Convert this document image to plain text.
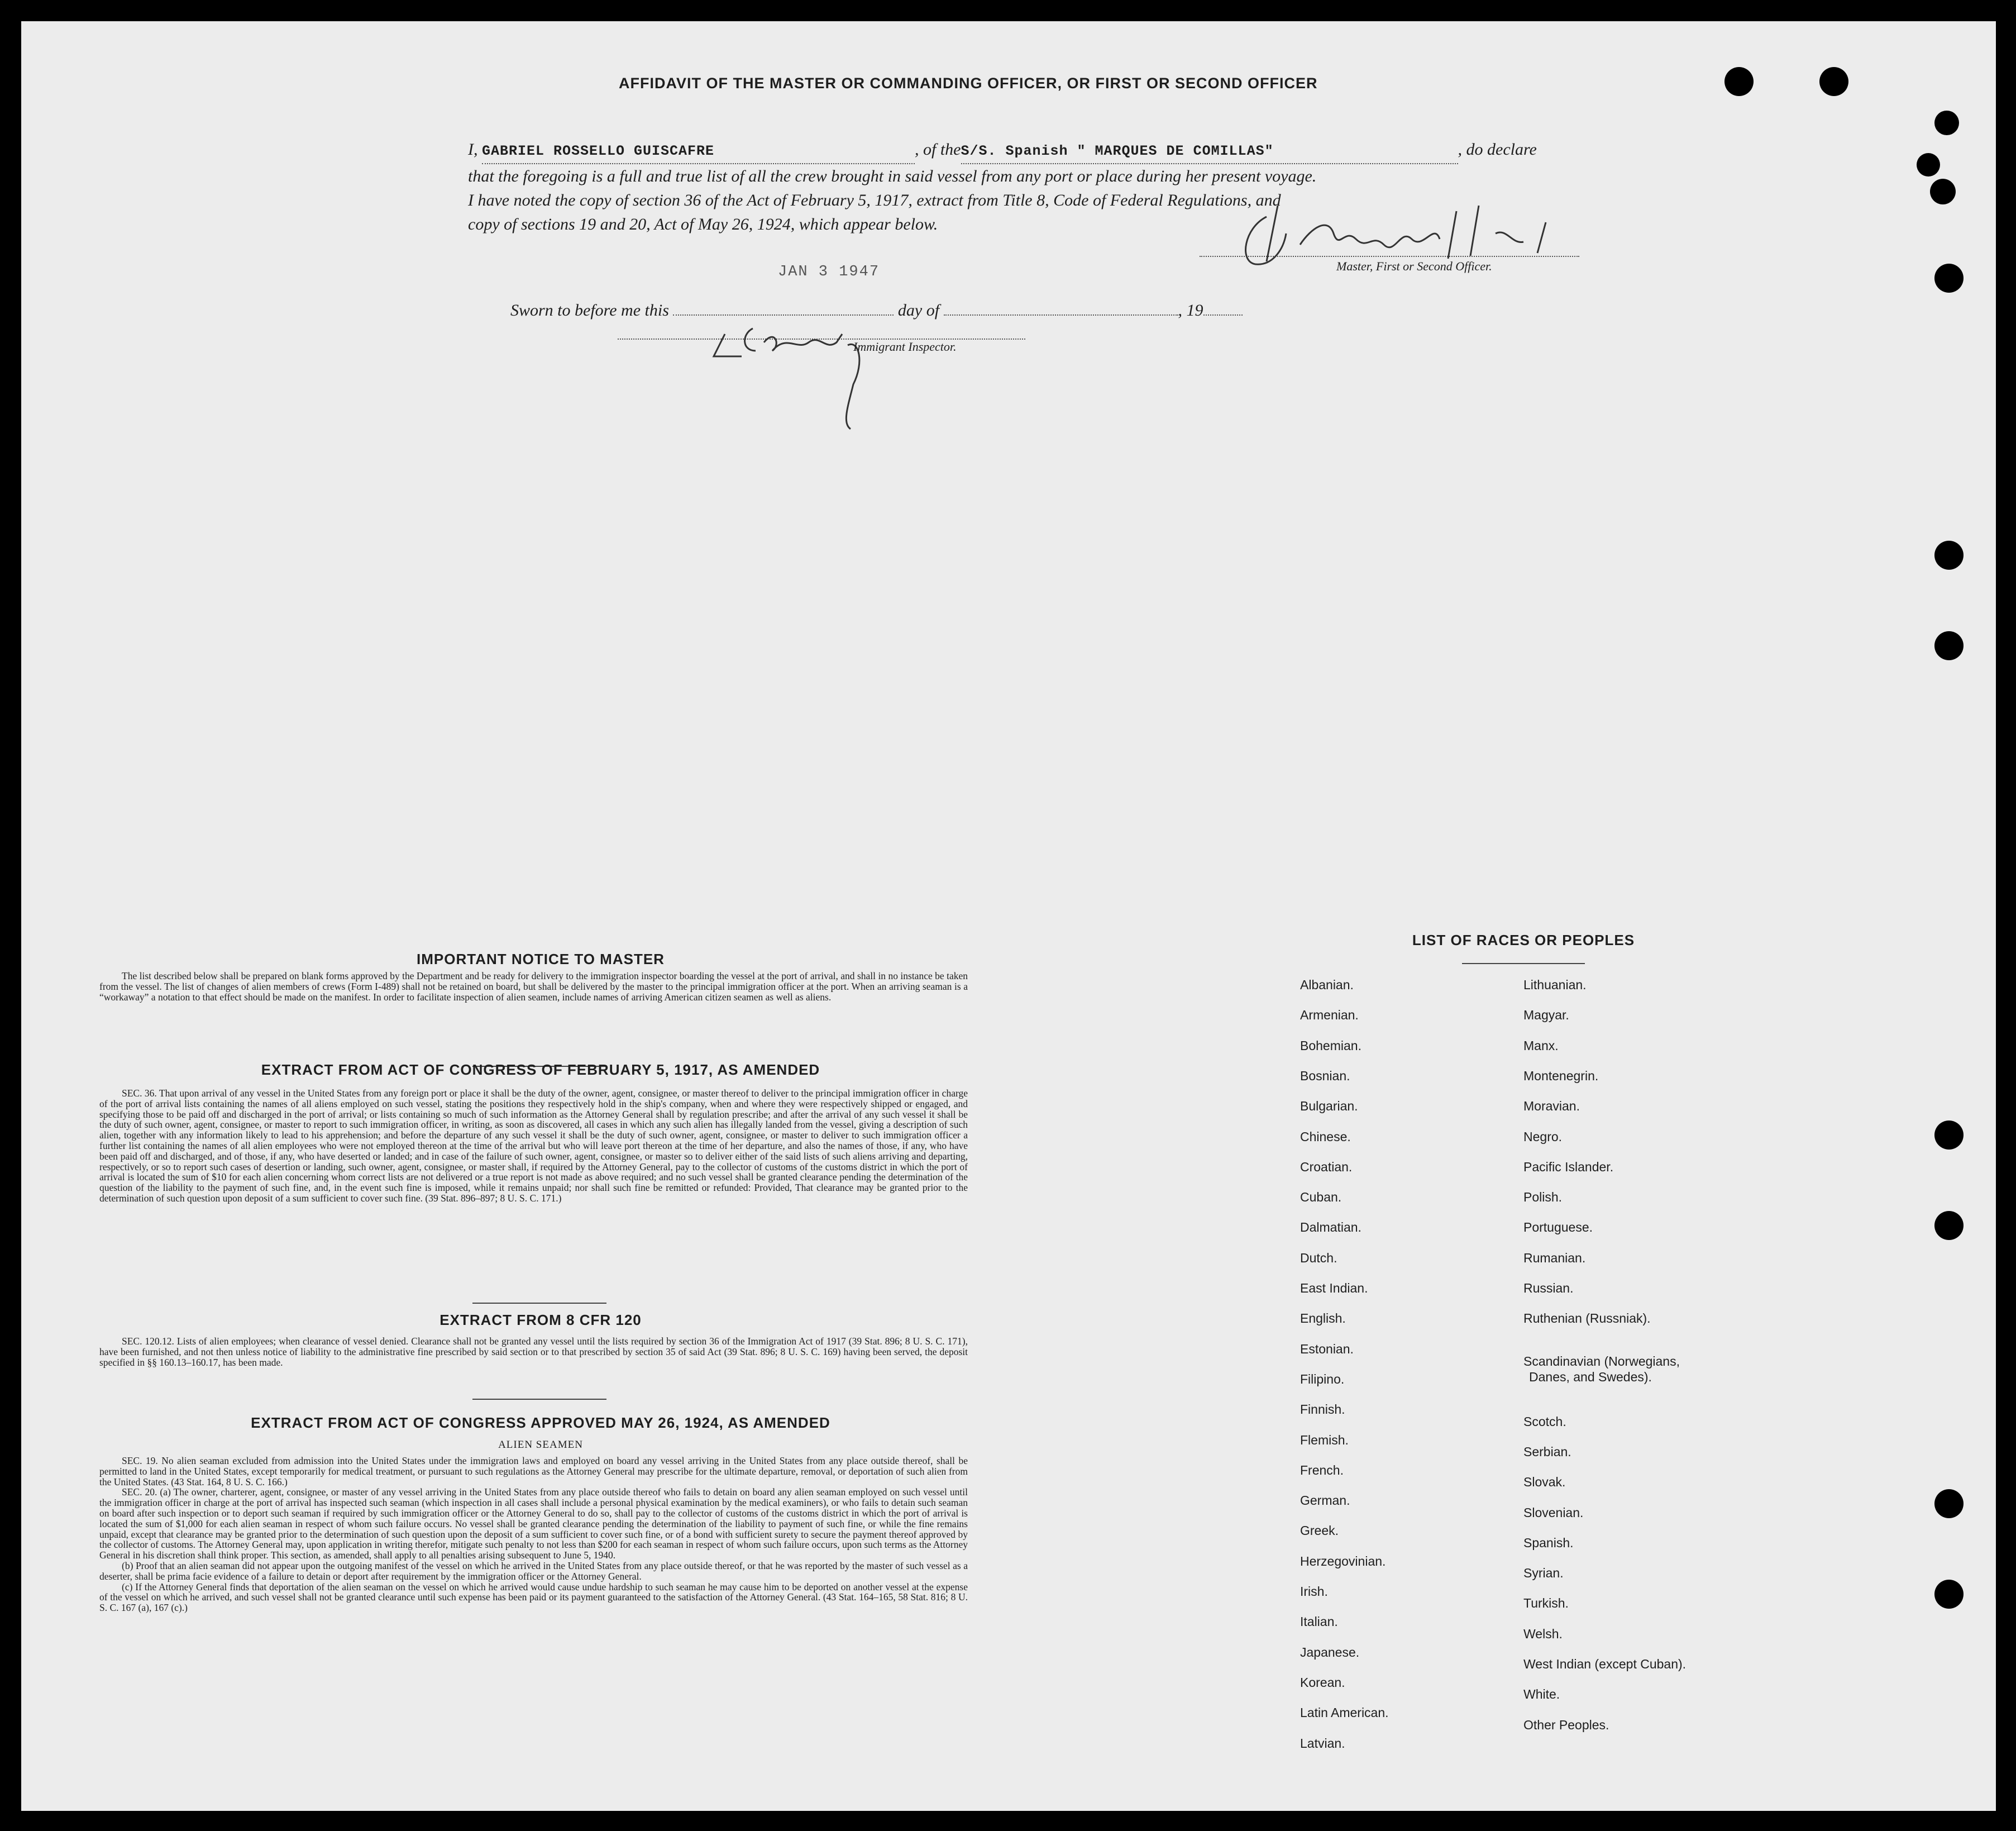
AFFIDAVIT OF THE MASTER OR COMMANDING OFFICER, OR FIRST OR SECOND OFFICER
I, GABRIEL ROSSELLO GUISCAFRE	, of theS/S. Spanish " MARQUES DE COMILLAS"	, do declare
that the foregoing is a full and true list of all the crew brought in said vessel from any port or place during her present voyage.
I have noted the copy of section 36 of the Act of February 5, 1917, extract from Title 8, Code of Federal Regulations, and
copy of sections 19 and 20, Act of May 26, 1924, which appear below.
Master, First or Second Officer.
Sworn to before me this	day of	, 19
JAN 3 1947
Immigrant Inspector.
IMPORTANT NOTICE TO MASTER

The list described below shall be prepared on blank forms approved by the Department and be ready for delivery to the immigration inspector boarding the vessel at the port of arrival, and shall in no instance be taken from the vessel. The list of changes of alien members of crews (Form I-489) shall not be retained on board, but shall be delivered by the master to the principal immigration officer at the port. When an arriving seaman is a “workaway” a notation to that effect should be made on the manifest. In order to facilitate inspection of alien seamen, include names of arriving American citizen seamen as well as aliens.

EXTRACT FROM ACT OF CONGRESS OF FEBRUARY 5, 1917, AS AMENDED

SEC. 36. That upon arrival of any vessel in the United States from any foreign port or place it shall be the duty of the owner, agent, consignee, or master thereof to deliver to the principal immigration officer in charge of the port of arrival lists containing the names of all aliens employed on such vessel, stating the positions they respectively hold in the ship's company, when and where they were respectively shipped or engaged, and specifying those to be paid off and discharged in the port of arrival; or lists containing so much of such information as the Attorney General shall by regulation prescribe; and after the arrival of any such vessel it shall be the duty of such owner, agent, consignee, or master to report to such immigration officer, in writing, as soon as discovered, all cases in which any such alien has illegally landed from the vessel, giving a description of such alien, together with any information likely to lead to his apprehension; and before the departure of any such vessel it shall be the duty of such owner, agent, consignee, or master to deliver to such immigration officer a further list containing the names of all alien employees who were not employed thereon at the time of the arrival but who will leave port thereon at the time of her departure, and also the names of those, if any, who have been paid off and discharged, and of those, if any, who have deserted or landed; and in case of the failure of such owner, agent, consignee, or master so to deliver either of the said lists of such aliens arriving and departing, respectively, or so to report such cases of desertion or landing, such owner, agent, consignee, or master shall, if required by the Attorney General, pay to the collector of customs of the customs district in which the port of arrival is located the sum of $10 for each alien concerning whom correct lists are not delivered or a true report is not made as above required; and no such vessel shall be granted clearance pending the determination of the question of the liability to the payment of such fine, and, in the event such fine is imposed, while it remains unpaid; nor shall such fine be remitted or refunded: Provided, That clearance may be granted prior to the determination of such question upon deposit of a sum sufficient to cover such fine. (39 Stat. 896–897; 8 U. S. C. 171.)

EXTRACT FROM 8 CFR 120

SEC. 120.12. Lists of alien employees; when clearance of vessel denied. Clearance shall not be granted any vessel until the lists required by section 36 of the Immigration Act of 1917 (39 Stat. 896; 8 U. S. C. 171), have been furnished, and not then unless notice of liability to the administrative fine prescribed by said section or to that prescribed by section 35 of said Act (39 Stat. 896; 8 U. S. C. 169) having been served, the deposit specified in §§ 160.13–160.17, has been made.

EXTRACT FROM ACT OF CONGRESS APPROVED MAY 26, 1924, AS AMENDED
ALIEN SEAMEN

SEC. 19. No alien seaman excluded from admission into the United States under the immigration laws and employed on board any vessel arriving in the United States from any place outside thereof, shall be permitted to land in the United States, except temporarily for medical treatment, or pursuant to such regulations as the Attorney General may prescribe for the ultimate departure, removal, or deportation of such alien from the United States. (43 Stat. 164, 8 U. S. C. 166.)

SEC. 20. (a) The owner, charterer, agent, consignee, or master of any vessel arriving in the United States from any place outside thereof who fails to detain on board any alien seaman employed on such vessel until the immigration officer in charge at the port of arrival has inspected such seaman (which inspection in all cases shall include a personal physical examination by the medical examiners), or who fails to detain such seaman on board after such inspection or to deport such seaman if required by such immigration officer or the Attorney General to do so, shall pay to the collector of customs of the customs district in which the port of arrival is located the sum of $1,000 for each alien seaman in respect of whom such failure occurs. No vessel shall be granted clearance pending the determination of the liability to payment of such fine, or while the fine remains unpaid, except that clearance may be granted prior to the determination of such question upon the deposit of a sum sufficient to cover such fine, or of a bond with sufficient surety to secure the payment thereof approved by the collector of customs. The Attorney General may, upon application in writing therefor, mitigate such penalty to not less than $200 for each seaman in respect of whom such failure occurs, upon such terms as the Attorney General in his discretion shall think proper. This section, as amended, shall apply to all penalties arising subsequent to June 5, 1940.

(b) Proof that an alien seaman did not appear upon the outgoing manifest of the vessel on which he arrived in the United States from any place outside thereof, or that he was reported by the master of such vessel as a deserter, shall be prima facie evidence of a failure to detain or deport after requirement by the immigration officer or the Attorney General.

(c) If the Attorney General finds that deportation of the alien seaman on the vessel on which he arrived would cause undue hardship to such seaman he may cause him to be deported on another vessel at the expense of the vessel on which he arrived, and such vessel shall not be granted clearance until such expense has been paid or its payment guaranteed to the satisfaction of the Attorney General. (43 Stat. 164–165, 58 Stat. 816; 8 U. S. C. 167 (a), 167 (c).)

LIST OF RACES OR PEOPLES
Albanian.
Armenian.
Bohemian.
Bosnian.
Bulgarian.
Chinese.
Croatian.
Cuban.
Dalmatian.
Dutch.
East Indian.
English.
Estonian.
Filipino.
Finnish.
Flemish.
French.
German.
Greek.
Herzegovinian.
Irish.
Italian.
Japanese.
Korean.
Latin American.
Latvian.
Lithuanian.
Magyar.
Manx.
Montenegrin.
Moravian.
Negro.
Pacific Islander.
Polish.
Portuguese.
Rumanian.
Russian.
Ruthenian (Russniak).
Scandinavian (Norwegians,
Danes, and Swedes).
Scotch.
Serbian.
Slovak.
Slovenian.
Spanish.
Syrian.
Turkish.
Welsh.
West Indian (except Cuban).
White.
Other Peoples.
